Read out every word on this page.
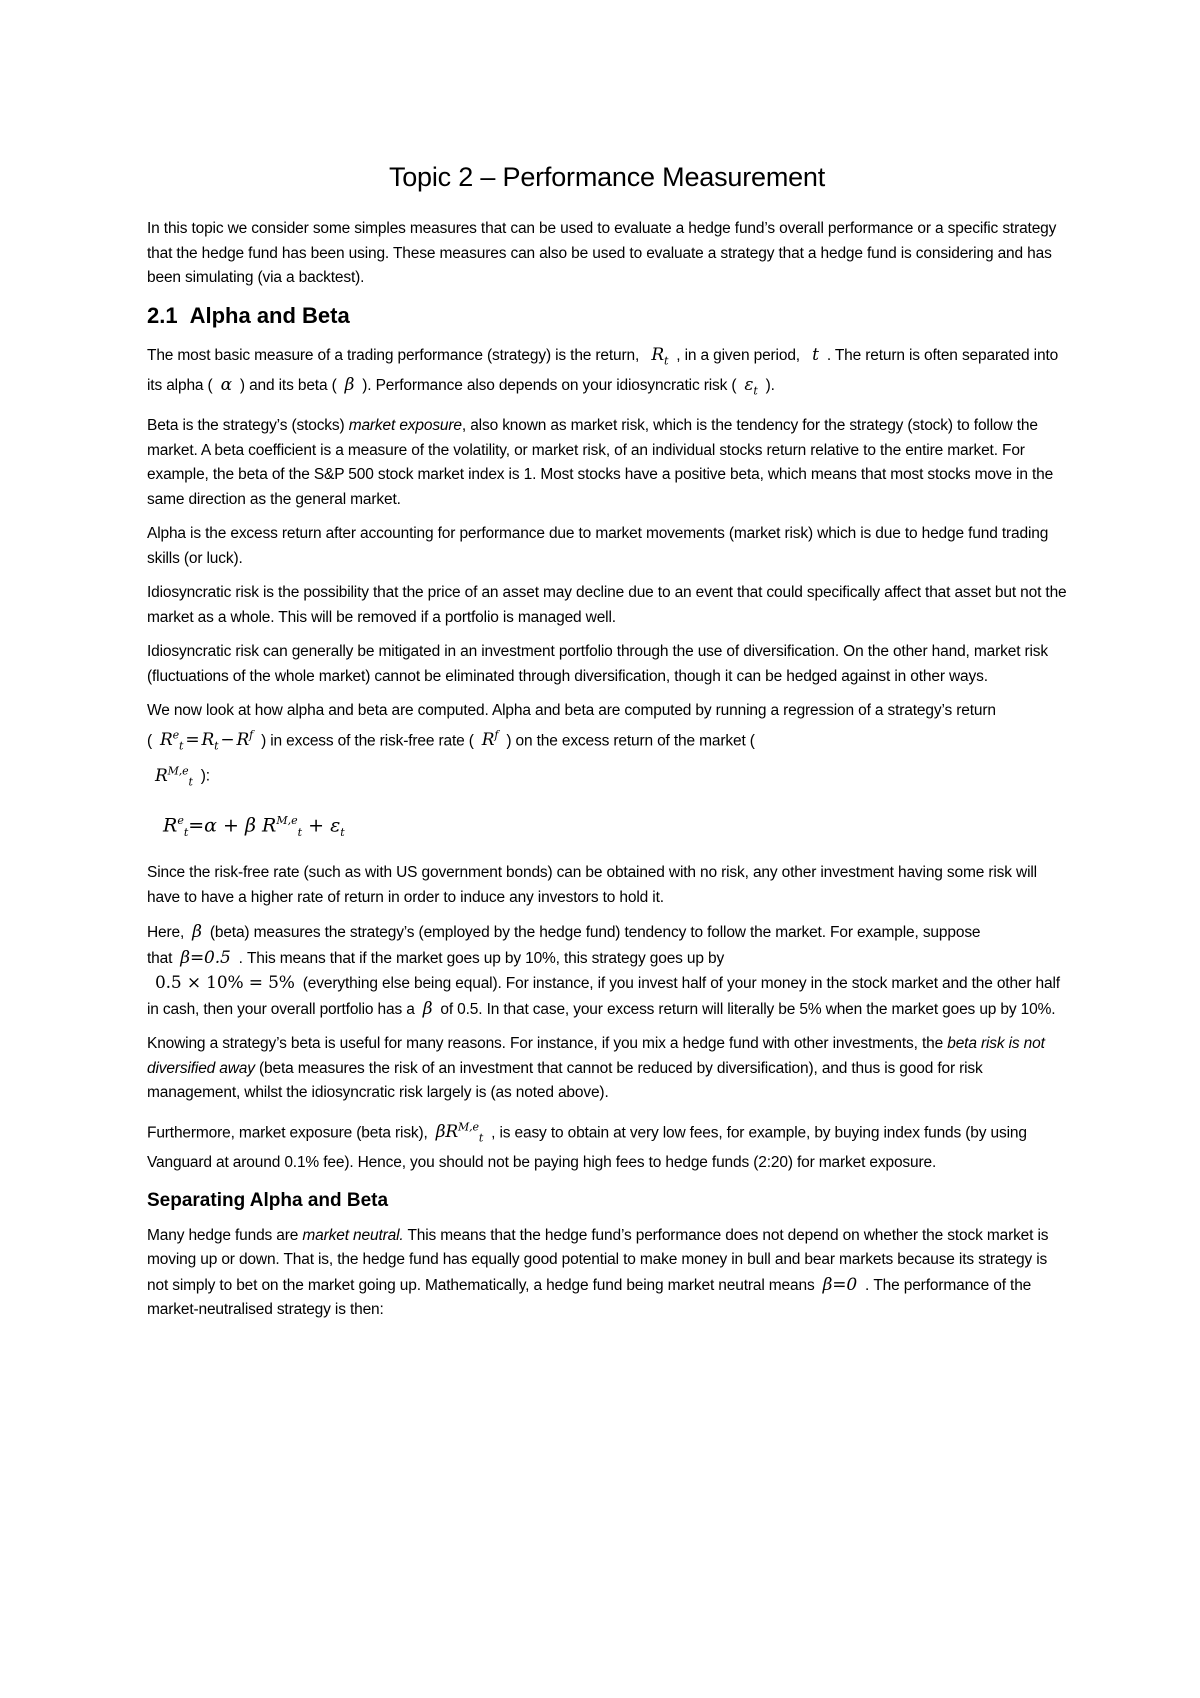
Topic 2 – Performance Measurement

In this topic we consider some simples measures that can be used to evaluate a hedge fund’s overall performance or a specific strategy that the hedge fund has been using. These measures can also be used to evaluate a strategy that a hedge fund is considering and has been simulating (via a backtest).

2.1 Alpha and Beta

The most basic measure of a trading performance (strategy) is the return, $R_t$ , in a given period, t . The return is often separated into its alpha ( α ) and its beta ( β ). Performance also depends on your idiosyncratic risk ( $\varepsilon_t$ ).

Beta is the strategy’s (stocks) market exposure, also known as market risk, which is the tendency for the strategy (stock) to follow the market. A beta coefficient is a measure of the volatility, or market risk, of an individual stocks return relative to the entire market. For example, the beta of the S&P 500 stock market index is 1. Most stocks have a positive beta, which means that most stocks move in the same direction as the general market.

Alpha is the excess return after accounting for performance due to market movements (market risk) which is due to hedge fund trading skills (or luck).

Idiosyncratic risk is the possibility that the price of an asset may decline due to an event that could specifically affect that asset but not the market as a whole. This will be removed if a portfolio is managed well.

Idiosyncratic risk can generally be mitigated in an investment portfolio through the use of diversification. On the other hand, market risk (fluctuations of the whole market) cannot be eliminated through diversification, though it can be hedged against in other ways.

We now look at how alpha and beta are computed. Alpha and beta are computed by running a regression of a strategy’s return ( $R^e_t = R_t - R^f$ ) in excess of the risk-free rate ( $R^f$ ) on the excess return of the market (
$R^{M,e}_t$ ):

$R^e_t=\alpha + \beta$ $R^{M,e}_t + \varepsilon_t$

Since the risk-free rate (such as with US government bonds) can be obtained with no risk, any other investment having some risk will have to have a higher rate of return in order to induce any investors to hold it.

Here, β (beta) measures the strategy’s (employed by the hedge fund) tendency to follow the market. For example, suppose that β=0.5 . This means that if the market goes up by 10%, this strategy goes up by
0.5 × 10% = 5% (everything else being equal). For instance, if you invest half of your money in the stock market and the other half in cash, then your overall portfolio has a β of 0.5. In that case, your excess return will literally be 5% when the market goes up by 10%.

Knowing a strategy’s beta is useful for many reasons. For instance, if you mix a hedge fund with other investments, the beta risk is not diversified away (beta measures the risk of an investment that cannot be reduced by diversification), and thus is good for risk management, whilst the idiosyncratic risk largely is (as noted above).

Furthermore, market exposure (beta risk), $\beta R^{M,e}_t$ , is easy to obtain at very low fees, for example, by buying index funds (by using Vanguard at around 0.1% fee). Hence, you should not be paying high fees to hedge funds (2:20) for market exposure.

Separating Alpha and Beta

Many hedge funds are market neutral. This means that the hedge fund’s performance does not depend on whether the stock market is moving up or down. That is, the hedge fund has equally good potential to make money in bull and bear markets because its strategy is not simply to bet on the market going up. Mathematically, a hedge fund being market neutral means β=0 . The performance of the market-neutralised strategy is then:
